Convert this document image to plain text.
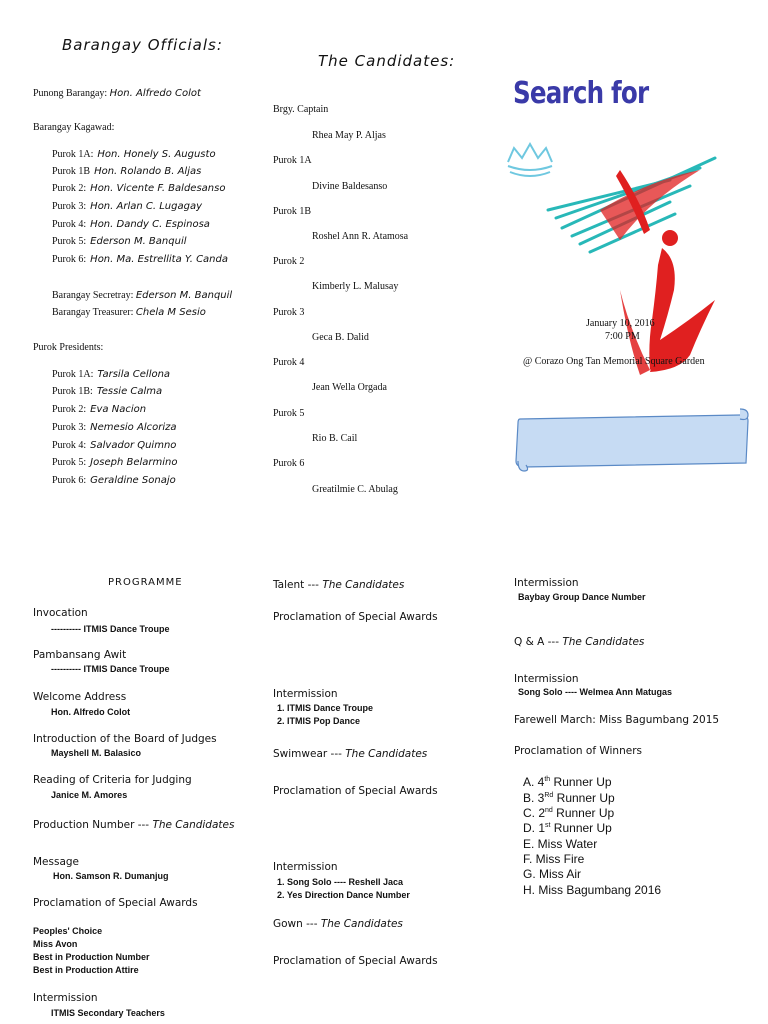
Barangay Officials:
Punong Barangay: Hon. Alfredo Colot
Barangay Kagawad:
Purok 1A: Hon. Honely S. Augusto
Purok 1B Hon. Rolando B. Aljas
Purok 2: Hon. Vicente F. Baldesanso
Purok 3: Hon. Arlan C. Lugagay
Purok 4: Hon. Dandy C. Espinosa
Purok 5: Ederson M. Banquil
Purok 6: Hon. Ma. Estrellita Y. Canda
Barangay Secretray: Ederson M. Banquil
Barangay Treasurer: Chela M Sesio
Purok Presidents:
Purok 1A: Tarsila Cellona
Purok 1B: Tessie Calma
Purok 2: Eva Nacion
Purok 3: Nemesio Alcoriza
Purok 4: Salvador Quimno
Purok 5: Joseph Belarmino
Purok 6: Geraldine Sonajo
The Candidates:
Brgy. Captain
Rhea May P. Aljas
Purok 1A
Divine Baldesanso
Purok 1B
Roshel Ann R. Atamosa
Purok 2
Kimberly L. Malusay
Purok 3
Geca B. Dalid
Purok 4
Jean Wella Orgada
Purok 5
Rio B. Cail
Purok 6
Greatilmie C. Abulag
Search for
January 10, 2016
7:00 PM
@ Corazo Ong Tan Memorial Square Garden
PROGRAMME
Invocation
---------- ITMIS Dance Troupe
Pambansang Awit
---------- ITMIS Dance Troupe
Welcome Address
Hon. Alfredo Colot
Introduction of the Board of Judges
Mayshell M. Balasico
Reading of Criteria for Judging
Janice M. Amores
Production Number --- The Candidates
Message
Hon. Samson R. Dumanjug
Proclamation of Special Awards
Peoples' Choice
Miss Avon
Best in Production Number
Best in Production Attire
Intermission
ITMIS Secondary Teachers
Talent --- The Candidates
Proclamation of Special Awards
Intermission
1. ITMIS Dance Troupe
2. ITMIS Pop Dance
Swimwear --- The Candidates
Proclamation of Special Awards
Intermission
1. Song Solo ---- Reshell Jaca
2. Yes Direction Dance Number
Gown --- The Candidates
Proclamation of Special Awards
Intermission
Baybay Group Dance Number
Q & A --- The Candidates
Intermission
Song Solo ---- Welmea Ann Matugas
Farewell March: Miss Bagumbang 2015
Proclamation of Winners
A. 4th Runner Up
B. 3Rd Runner Up
C. 2nd Runner Up
D. 1st Runner Up
E. Miss Water
F. Miss Fire
G. Miss Air
H. Miss Bagumbang 2016
